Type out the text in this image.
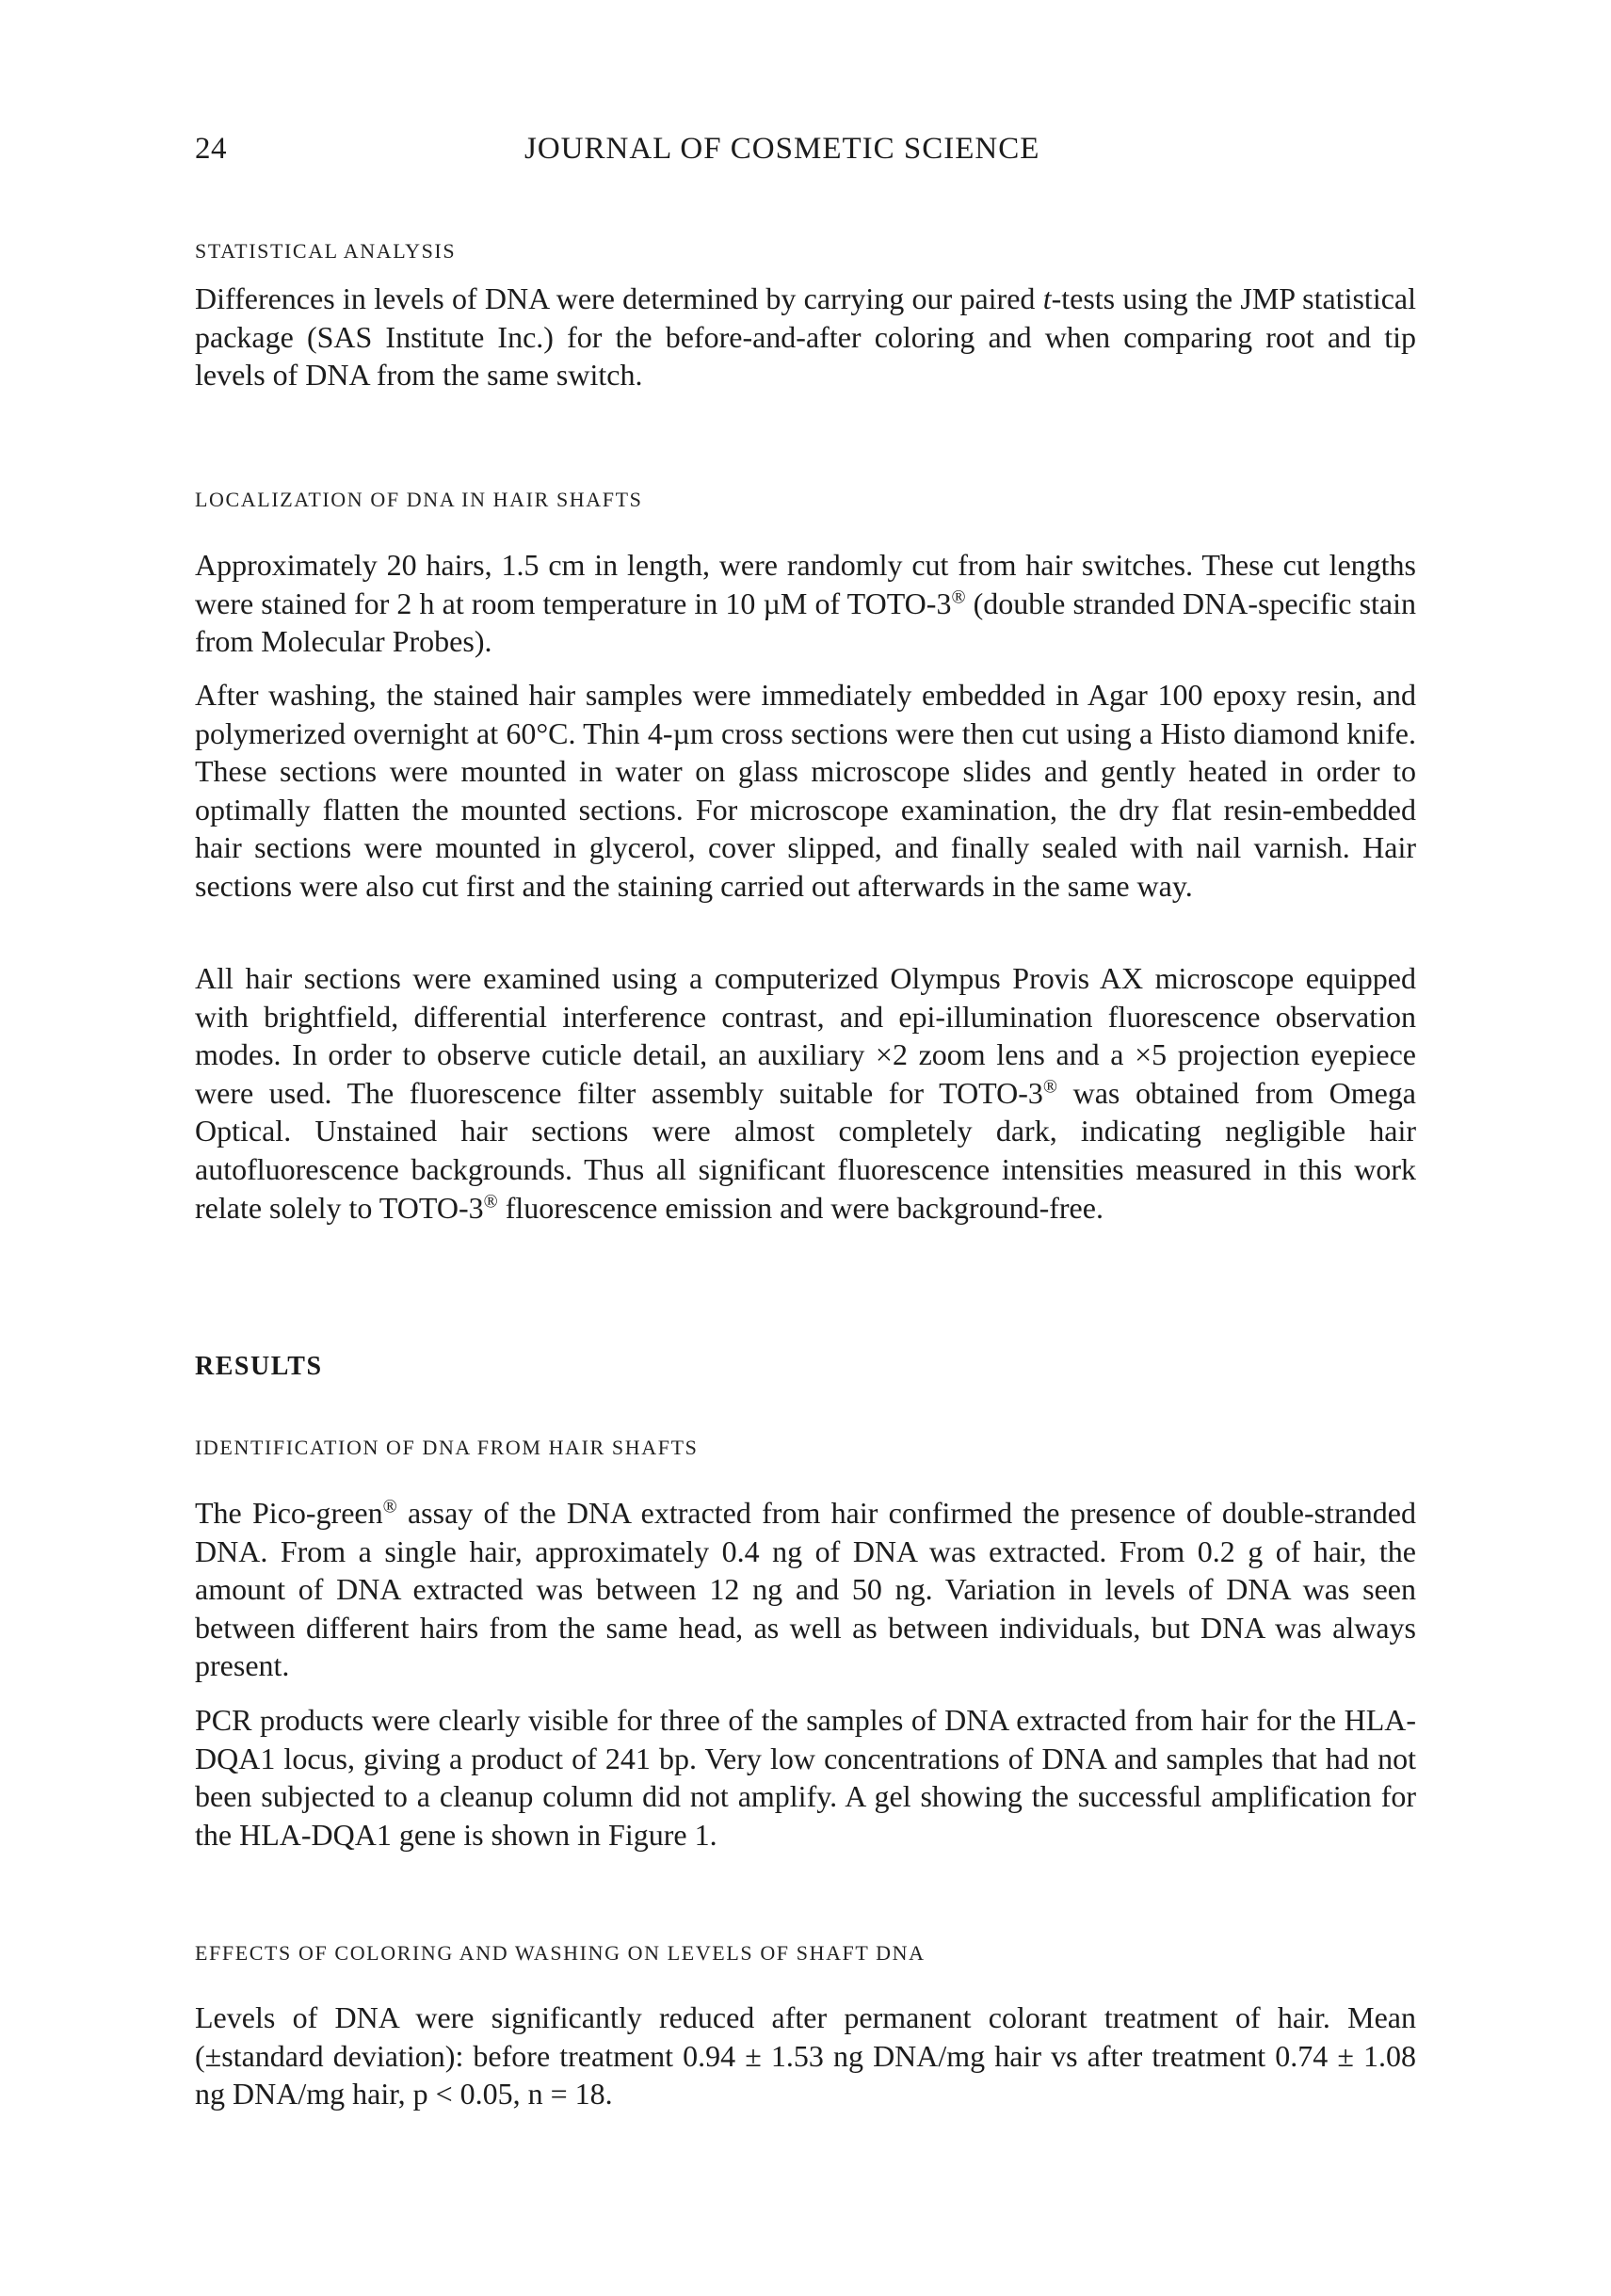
24	JOURNAL OF COSMETIC SCIENCE
STATISTICAL ANALYSIS

Differences in levels of DNA were determined by carrying our paired t-tests using the JMP statistical package (SAS Institute Inc.) for the before-and-after coloring and when comparing root and tip levels of DNA from the same switch.

LOCALIZATION OF DNA IN HAIR SHAFTS

Approximately 20 hairs, 1.5 cm in length, were randomly cut from hair switches. These cut lengths were stained for 2 h at room temperature in 10 µM of TOTO-3® (double stranded DNA-specific stain from Molecular Probes).

After washing, the stained hair samples were immediately embedded in Agar 100 epoxy resin, and polymerized overnight at 60°C. Thin 4-µm cross sections were then cut using a Histo diamond knife. These sections were mounted in water on glass microscope slides and gently heated in order to optimally flatten the mounted sections. For microscope examination, the dry flat resin-embedded hair sections were mounted in glycerol, cover slipped, and finally sealed with nail varnish. Hair sections were also cut first and the staining carried out afterwards in the same way.

All hair sections were examined using a computerized Olympus Provis AX microscope equipped with brightfield, differential interference contrast, and epi-illumination fluorescence observation modes. In order to observe cuticle detail, an auxiliary ×2 zoom lens and a ×5 projection eyepiece were used. The fluorescence filter assembly suitable for TOTO-3® was obtained from Omega Optical. Unstained hair sections were almost completely dark, indicating negligible hair autofluorescence backgrounds. Thus all significant fluorescence intensities measured in this work relate solely to TOTO-3® fluorescence emission and were background-free.

RESULTS
IDENTIFICATION OF DNA FROM HAIR SHAFTS

The Pico-green® assay of the DNA extracted from hair confirmed the presence of double-stranded DNA. From a single hair, approximately 0.4 ng of DNA was extracted. From 0.2 g of hair, the amount of DNA extracted was between 12 ng and 50 ng. Variation in levels of DNA was seen between different hairs from the same head, as well as between individuals, but DNA was always present.

PCR products were clearly visible for three of the samples of DNA extracted from hair for the HLA-DQA1 locus, giving a product of 241 bp. Very low concentrations of DNA and samples that had not been subjected to a cleanup column did not amplify. A gel showing the successful amplification for the HLA-DQA1 gene is shown in Figure 1.

EFFECTS OF COLORING AND WASHING ON LEVELS OF SHAFT DNA

Levels of DNA were significantly reduced after permanent colorant treatment of hair. Mean (±standard deviation): before treatment 0.94 ± 1.53 ng DNA/mg hair vs after treatment 0.74 ± 1.08 ng DNA/mg hair, p < 0.05, n = 18.
